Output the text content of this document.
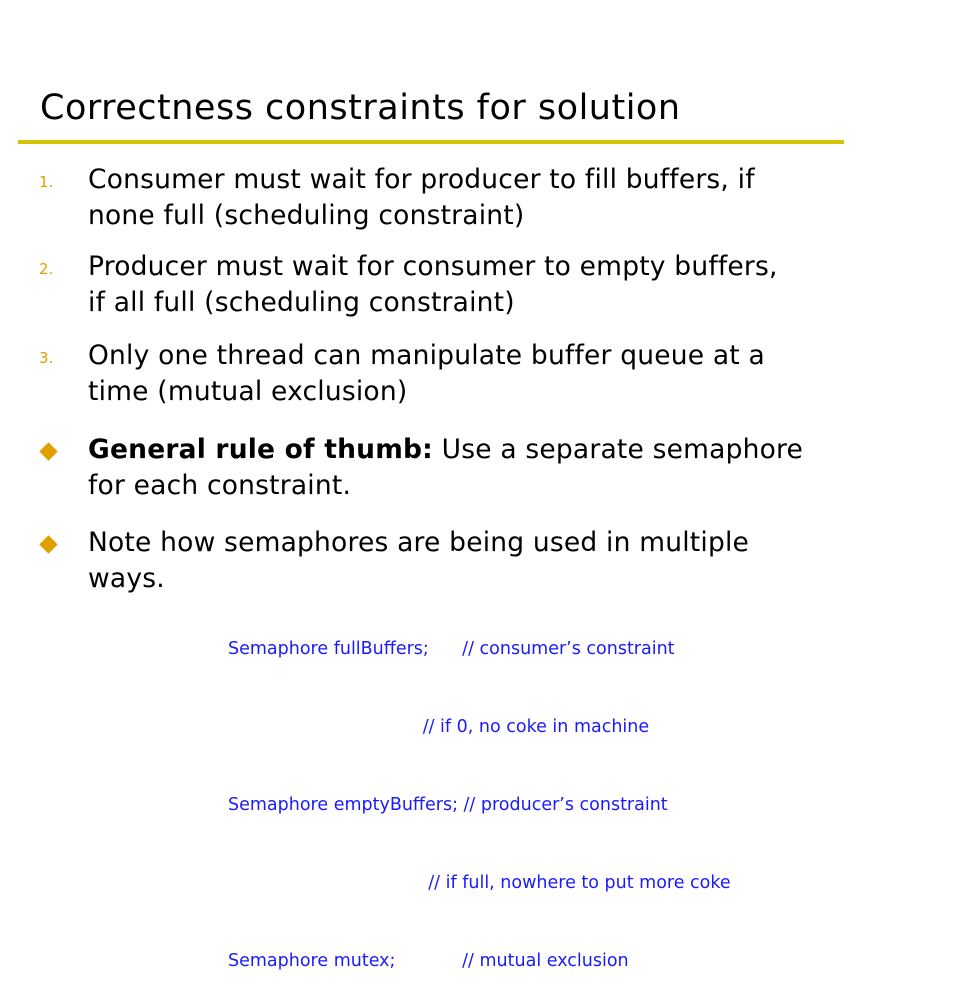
Correctness constraints for solution
1. Consumer must wait for producer to fill buffers, if
none full (scheduling constraint)
2. Producer must wait for consumer to empty buffers,
if all full (scheduling constraint)
3. Only one thread can manipulate buffer queue at a
time (mutual exclusion)
General rule of thumb: Use a separate semaphore
for each constraint.
Note how semaphores are being used in multiple
ways.

Semaphore fullBuffers;      // consumer’s constraint

// if 0, no coke in machine

Semaphore emptyBuffers; // producer’s constraint

// if full, nowhere to put more coke

Semaphore mutex;            // mutual exclusion
